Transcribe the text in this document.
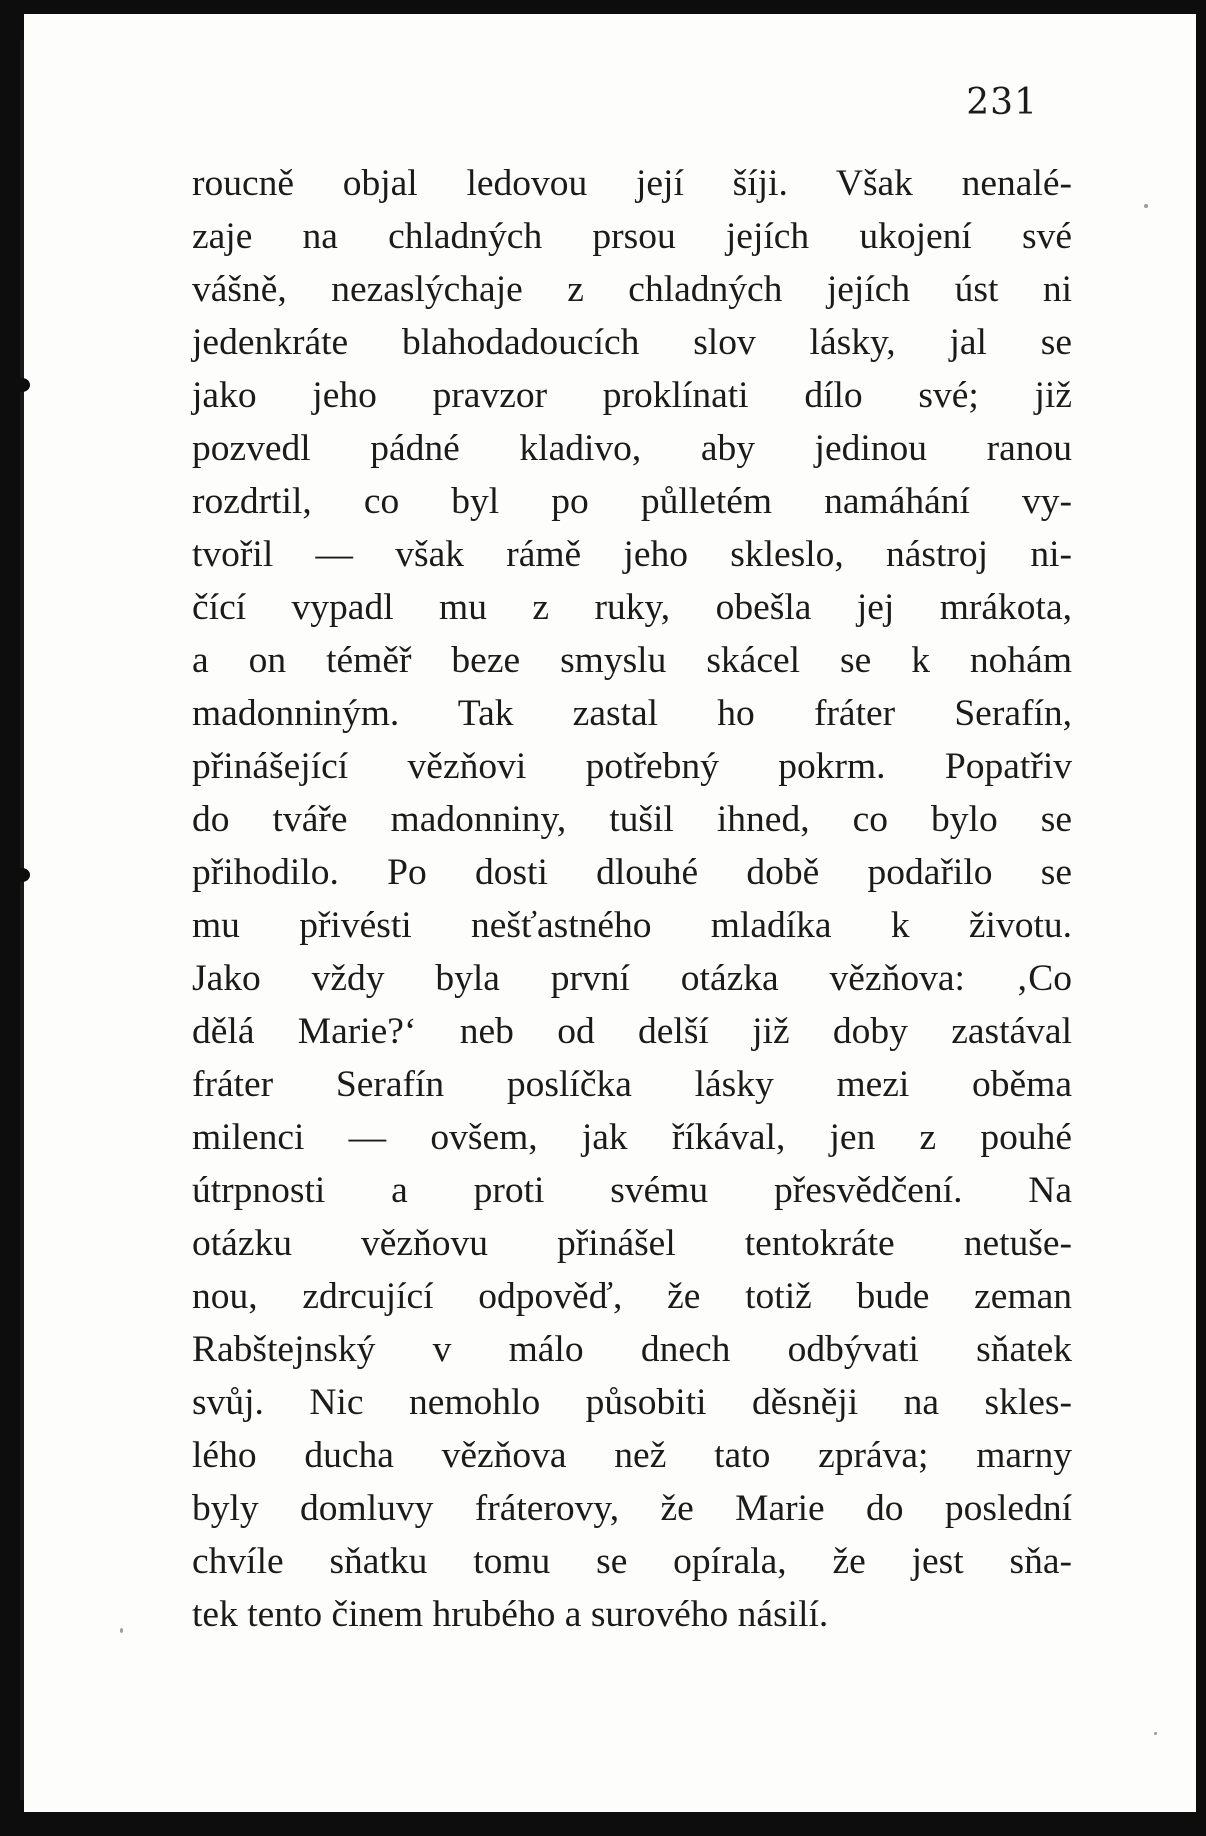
231
roucně objal ledovou její šíji. Však nenalé-
zaje na chladných prsou jejích ukojení své
vášně, nezaslýchaje z chladných jejích úst ni
jedenkráte blahodadoucích slov lásky, jal se
jako jeho pravzor proklínati dílo své; již
pozvedl pádné kladivo, aby jedinou ranou
rozdrtil, co byl po půlletém namáhání vy-
tvořil — však rámě jeho skleslo, nástroj ni-
čící vypadl mu z ruky, obešla jej mrákota,
a on téměř beze smyslu skácel se k nohám
madonniným. Tak zastal ho fráter Serafín,
přinášející vězňovi potřebný pokrm. Popatřiv
do tváře madonniny, tušil ihned, co bylo se
přihodilo. Po dosti dlouhé době podařilo se
mu přivésti nešťastného mladíka k životu.
Jako vždy byla první otázka vězňova: ‚Co
dělá Marie?‘ neb od delší již doby zastával
fráter Serafín poslíčka lásky mezi oběma
milenci — ovšem, jak říkával, jen z pouhé
útrpnosti a proti svému přesvědčení. Na
otázku vězňovu přinášel tentokráte netuše-
nou, zdrcující odpověď, že totiž bude zeman
Rabštejnský v málo dnech odbývati sňatek
svůj. Nic nemohlo působiti děsněji na skles-
lého ducha vězňova než tato zpráva; marny
byly domluvy fráterovy, že Marie do poslední
chvíle sňatku tomu se opírala, že jest sňa-
tek tento činem hrubého a surového násilí.
